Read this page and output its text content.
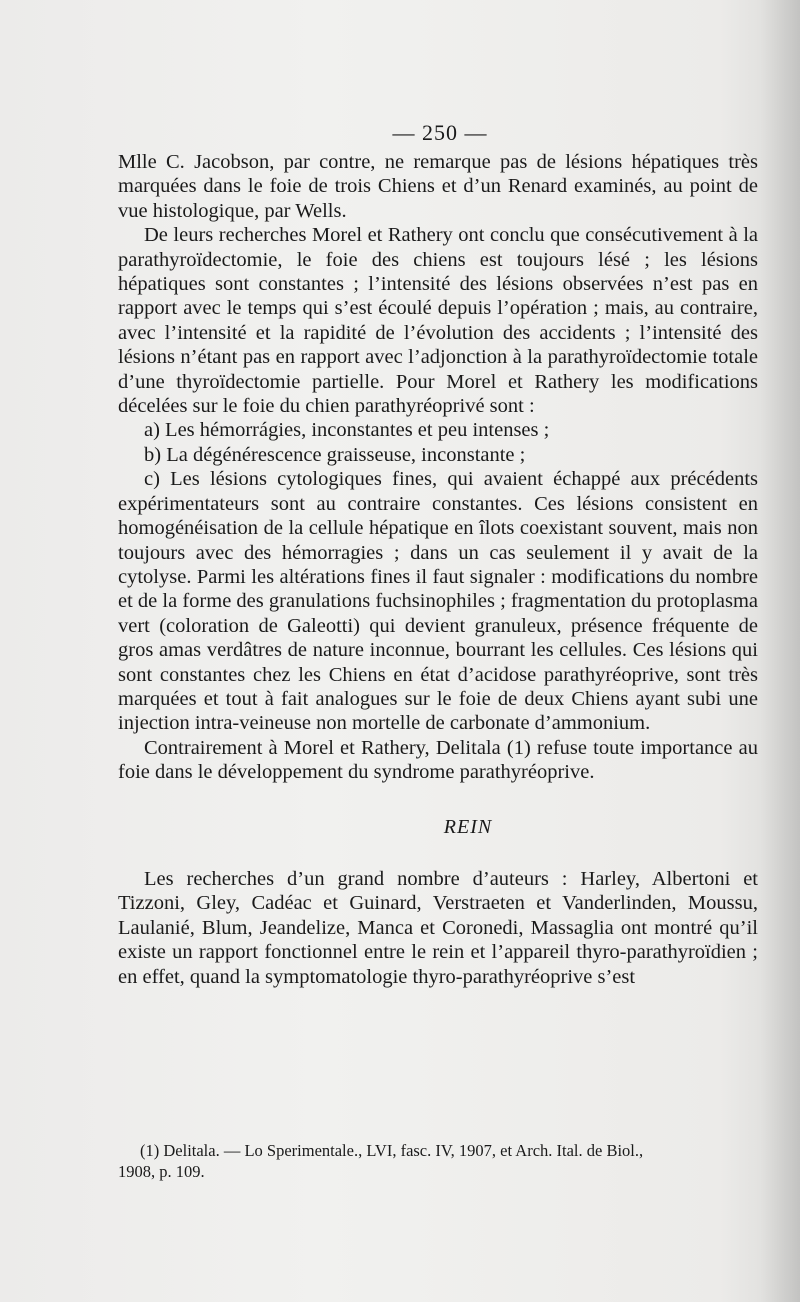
— 250 —

Mlle C. Jacobson, par contre, ne remarque pas de lésions hépatiques très marquées dans le foie de trois Chiens et d’un Renard examinés, au point de vue histologique, par Wells.

De leurs recherches Morel et Rathery ont conclu que consécutivement à la parathyroïdectomie, le foie des chiens est toujours lésé ; les lésions hépatiques sont constantes ; l’intensité des lésions observées n’est pas en rapport avec le temps qui s’est écoulé depuis l’opération ; mais, au contraire, avec l’intensité et la rapidité de l’évolution des accidents ; l’intensité des lésions n’étant pas en rapport avec l’adjonction à la parathyroïdectomie totale d’une thyroïdectomie partielle. Pour Morel et Rathery les modifications décelées sur le foie du chien parathyréoprivé sont :

a) Les hémorrágies, inconstantes et peu intenses ;

b) La dégénérescence graisseuse, inconstante ;

c) Les lésions cytologiques fines, qui avaient échappé aux précédents expérimentateurs sont au contraire constantes. Ces lésions consistent en homogénéisation de la cellule hépatique en îlots coexistant souvent, mais non toujours avec des hémorragies ; dans un cas seulement il y avait de la cytolyse. Parmi les altérations fines il faut signaler : modifications du nombre et de la forme des granulations fuchsinophiles ; fragmentation du protoplasma vert (coloration de Galeotti) qui devient granuleux, présence fréquente de gros amas verdâtres de nature inconnue, bourrant les cellules. Ces lésions qui sont constantes chez les Chiens en état d’acidose parathyréoprive, sont très marquées et tout à fait analogues sur le foie de deux Chiens ayant subi une injection intra-veineuse non mortelle de carbonate d’ammonium.

Contrairement à Morel et Rathery, Delitala (1) refuse toute importance au foie dans le développement du syndrome parathyréoprive.

REIN

Les recherches d’un grand nombre d’auteurs : Harley, Albertoni et Tizzoni, Gley, Cadéac et Guinard, Verstraeten et Vanderlinden, Moussu, Laulanié, Blum, Jeandelize, Manca et Coronedi, Massaglia ont montré qu’il existe un rapport fonctionnel entre le rein et l’appareil thyro-parathyroïdien ; en effet, quand la symptomatologie thyro-parathyréoprive s’est

(1) Delitala. — Lo Sperimentale., LVI, fasc. IV, 1907, et Arch. Ital. de Biol.,

1908, p. 109.
